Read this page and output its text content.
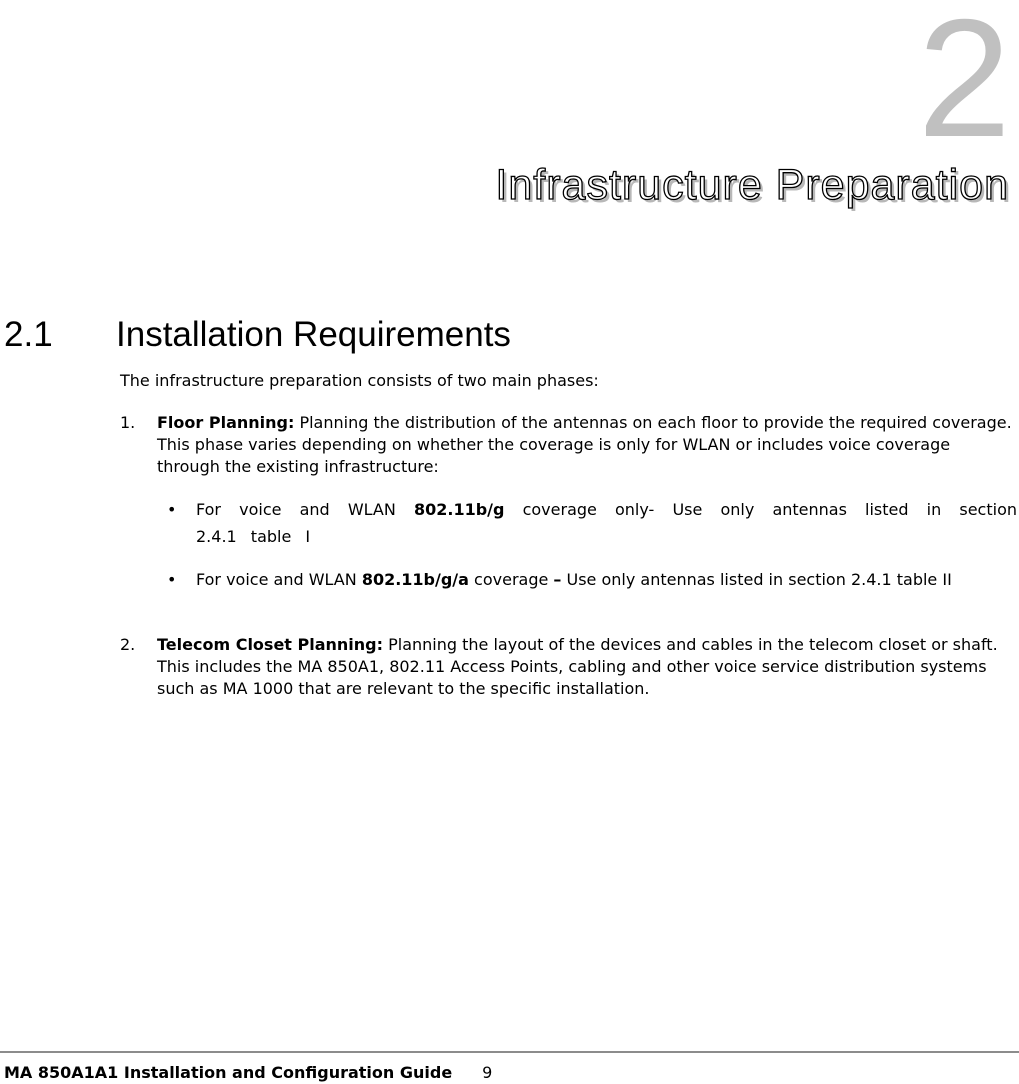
2
Infrastructure Preparation
2.1 Installation Requirements
The infrastructure preparation consists of two main phases:
1. Floor Planning: Planning the distribution of the antennas on each floor to provide the required coverage. This phase varies depending on whether the coverage is only for WLAN or includes voice coverage through the existing infrastructure:
• For voice and WLAN 802.11b/g coverage only- Use only antennas listed in section 2.4.1 table I
• For voice and WLAN 802.11b/g/a coverage – Use only antennas listed in section 2.4.1 table II
2. Telecom Closet Planning: Planning the layout of the devices and cables in the telecom closet or shaft. This includes the MA 850A1, 802.11 Access Points, cabling and other voice service distribution systems such as MA 1000 that are relevant to the specific installation.
MA 850A1A1 Installation and Configuration Guide 9
